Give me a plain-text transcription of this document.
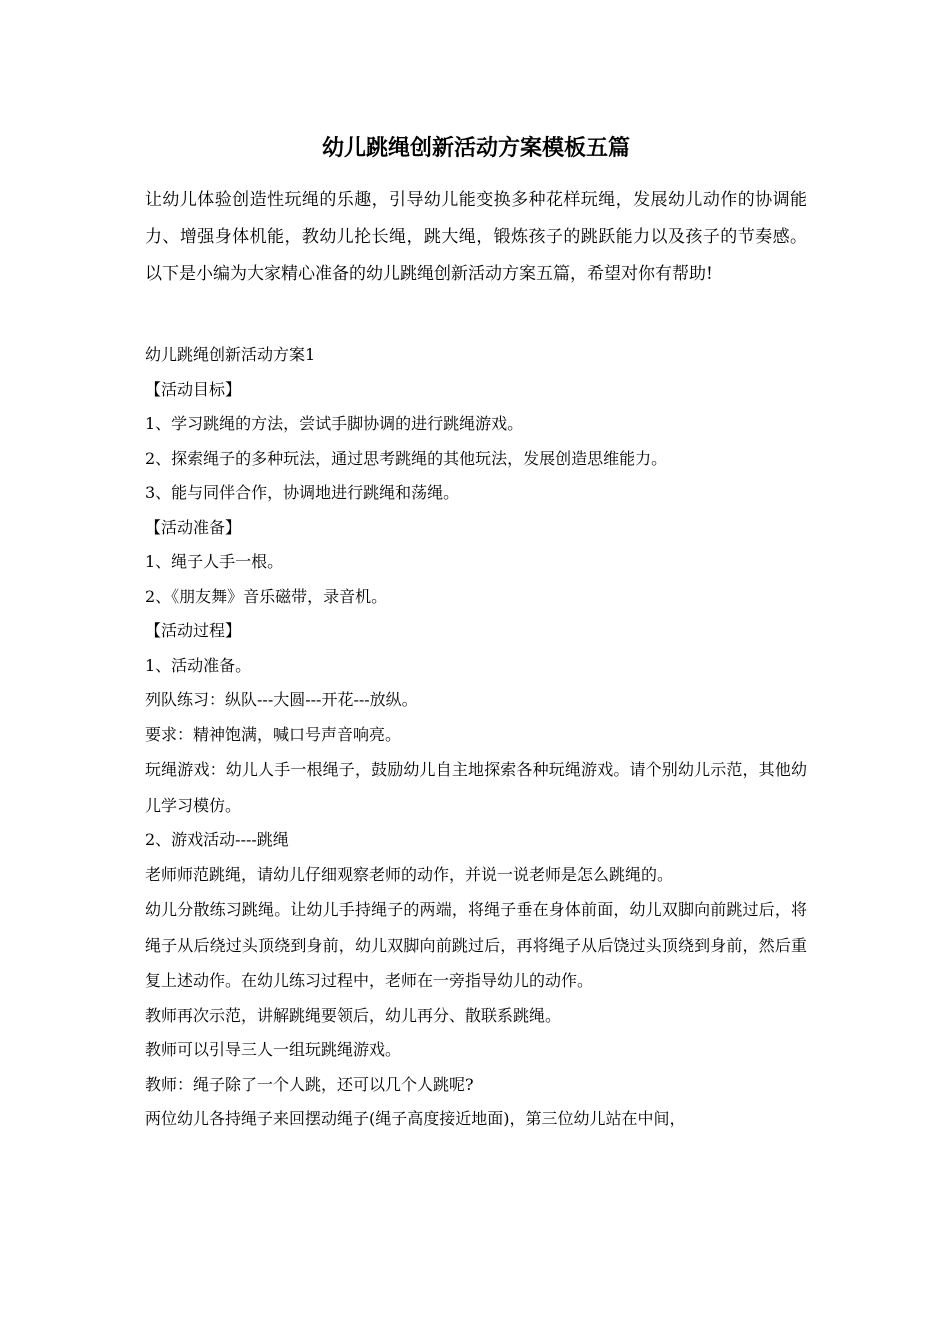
幼儿跳绳创新活动方案模板五篇

让幼儿体验创造性玩绳的乐趣，引导幼儿能变换多种花样玩绳，发展幼儿动作的协调能力、增强身体机能，教幼儿抡长绳，跳大绳，锻炼孩子的跳跃能力以及孩子的节奏感。以下是小编为大家精心准备的幼儿跳绳创新活动方案五篇，希望对你有帮助!

幼儿跳绳创新活动方案1

【活动目标】

1、学习跳绳的方法，尝试手脚协调的进行跳绳游戏。

2、探索绳子的多种玩法，通过思考跳绳的其他玩法，发展创造思维能力。

3、能与同伴合作，协调地进行跳绳和荡绳。

【活动准备】

1、绳子人手一根。

2、《朋友舞》音乐磁带，录音机。

【活动过程】

1、活动准备。

列队练习：纵队---大圆---开花---放纵。

要求：精神饱满，喊口号声音响亮。

玩绳游戏：幼儿人手一根绳子，鼓励幼儿自主地探索各种玩绳游戏。请个别幼儿示范，其他幼儿学习模仿。

2、游戏活动----跳绳

老师师范跳绳，请幼儿仔细观察老师的动作，并说一说老师是怎么跳绳的。

幼儿分散练习跳绳。让幼儿手持绳子的两端，将绳子垂在身体前面，幼儿双脚向前跳过后，将绳子从后绕过头顶绕到身前，幼儿双脚向前跳过后，再将绳子从后饶过头顶绕到身前，然后重复上述动作。在幼儿练习过程中，老师在一旁指导幼儿的动作。

教师再次示范，讲解跳绳要领后，幼儿再分、散联系跳绳。

教师可以引导三人一组玩跳绳游戏。

教师：绳子除了一个人跳，还可以几个人跳呢?

两位幼儿各持绳子来回摆动绳子(绳子高度接近地面)，第三位幼儿站在中间，
